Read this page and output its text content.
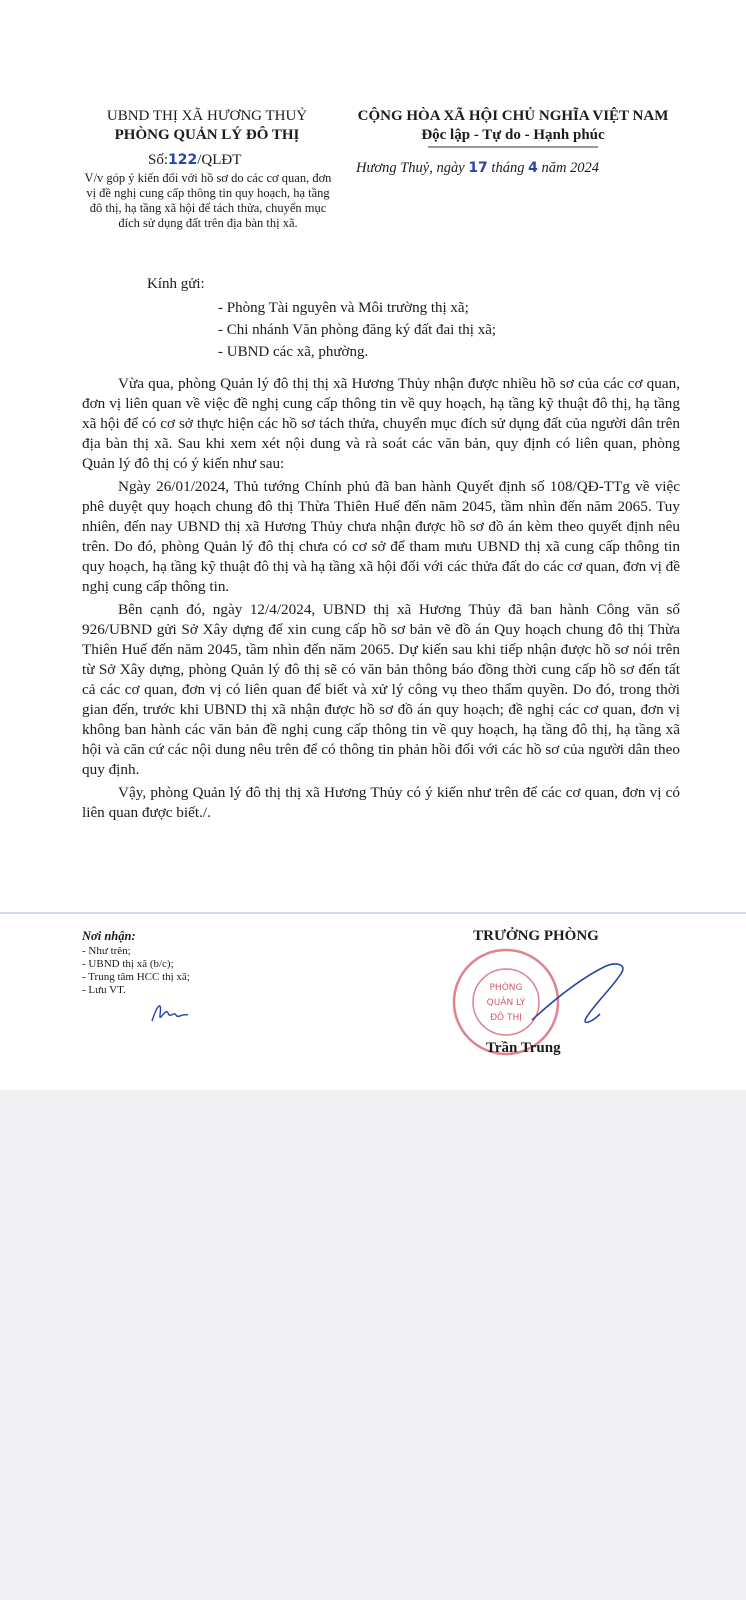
UBND THỊ XÃ HƯƠNG THUỶ
PHÒNG QUẢN LÝ ĐÔ THỊ
CỘNG HÒA XÃ HỘI CHỦ NGHĨA VIỆT NAM
Độc lập - Tự do - Hạnh phúc
Số:122/QLĐT
V/v góp ý kiến đối với hồ sơ do các cơ quan, đơn vị đề nghị cung cấp thông tin quy hoạch, hạ tầng đô thị, hạ tầng xã hội để tách thửa, chuyển mục đích sử dụng đất trên địa bàn thị xã.
Hương Thuỷ, ngày 17 tháng 4 năm 2024
Kính gửi:
- Phòng Tài nguyên và Môi trường thị xã;
- Chi nhánh Văn phòng đăng ký đất đai thị xã;
- UBND các xã, phường.

Vừa qua, phòng Quản lý đô thị thị xã Hương Thủy nhận được nhiều hồ sơ của các cơ quan, đơn vị liên quan về việc đề nghị cung cấp thông tin về quy hoạch, hạ tầng kỹ thuật đô thị, hạ tầng xã hội để có cơ sở thực hiện các hồ sơ tách thửa, chuyển mục đích sử dụng đất của người dân trên địa bàn thị xã. Sau khi xem xét nội dung và rà soát các văn bản, quy định có liên quan, phòng Quản lý đô thị có ý kiến như sau:

Ngày 26/01/2024, Thủ tướng Chính phủ đã ban hành Quyết định số 108/QĐ-TTg về việc phê duyệt quy hoạch chung đô thị Thừa Thiên Huế đến năm 2045, tầm nhìn đến năm 2065. Tuy nhiên, đến nay UBND thị xã Hương Thủy chưa nhận được hồ sơ đồ án kèm theo quyết định nêu trên. Do đó, phòng Quản lý đô thị chưa có cơ sở để tham mưu UBND thị xã cung cấp thông tin quy hoạch, hạ tầng kỹ thuật đô thị và hạ tầng xã hội đối với các thửa đất do các cơ quan, đơn vị đề nghị cung cấp thông tin.

Bên cạnh đó, ngày 12/4/2024, UBND thị xã Hương Thủy đã ban hành Công văn số 926/UBND gửi Sở Xây dựng để xin cung cấp hồ sơ bản vẽ đồ án Quy hoạch chung đô thị Thừa Thiên Huế đến năm 2045, tầm nhìn đến năm 2065. Dự kiến sau khi tiếp nhận được hồ sơ nói trên từ Sở Xây dựng, phòng Quản lý đô thị sẽ có văn bản thông báo đồng thời cung cấp hồ sơ đến tất cả các cơ quan, đơn vị có liên quan để biết và xử lý công vụ theo thẩm quyền. Do đó, trong thời gian đến, trước khi UBND thị xã nhận được hồ sơ đồ án quy hoạch; đề nghị các cơ quan, đơn vị không ban hành các văn bản đề nghị cung cấp thông tin về quy hoạch, hạ tầng đô thị, hạ tầng xã hội và căn cứ các nội dung nêu trên để có thông tin phản hồi đối với các hồ sơ của người dân theo quy định.

Vậy, phòng Quản lý đô thị thị xã Hương Thủy có ý kiến như trên để các cơ quan, đơn vị có liên quan được biết./.

Nơi nhận:
- Như trên;
- UBND thị xã (b/c);
- Trung tâm HCC thị xã;
- Lưu VT.
TRƯỞNG PHÒNG
PHÒNG
QUẢN LÝ
ĐÔ THỊ
Trần Trung
